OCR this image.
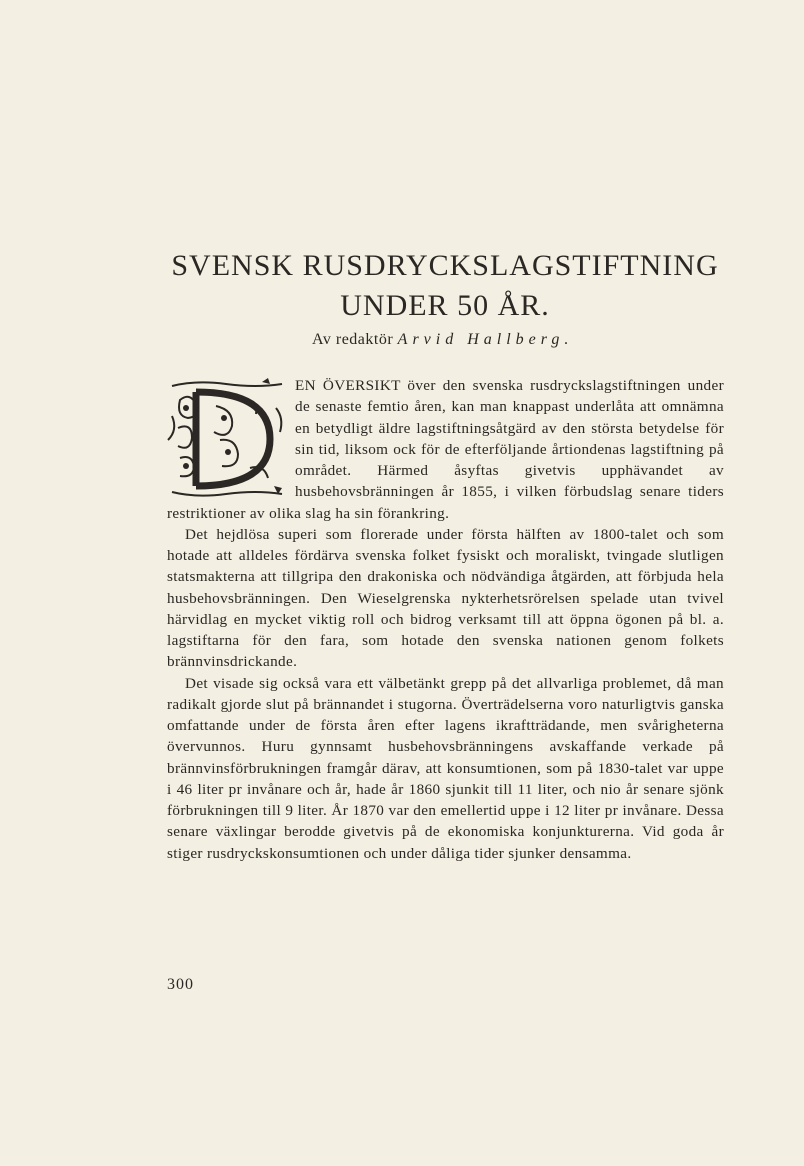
SVENSK RUSDRYCKSLAGSTIFTNING
UNDER 50 ÅR.
Av redaktör Arvid Hallberg.

EN ÖVERSIKT över den svenska rusdryckslagstiftningen under de senaste femtio åren, kan man knappast underlåta att omnämna en betydligt äldre lagstiftningsåtgärd av den största betydelse för sin tid, liksom ock för de efterföljande årtiondenas lagstiftning på området. Härmed åsyftas givetvis upphävandet av husbehovsbränningen år 1855, i vilken förbudslag senare tiders restriktioner av olika slag ha sin förankring.

Det hejdlösa superi som florerade under första hälften av 1800-talet och som hotade att alldeles fördärva svenska folket fysiskt och moraliskt, tvingade slutligen statsmakterna att tillgripa den drakoniska och nödvändiga åtgärden, att förbjuda hela husbehovsbränningen. Den Wieselgrenska nykterhetsrörelsen spelade utan tvivel härvidlag en mycket viktig roll och bidrog verksamt till att öppna ögonen på bl. a. lagstiftarna för den fara, som hotade den svenska nationen genom folkets brännvinsdrickande.

Det visade sig också vara ett välbetänkt grepp på det allvarliga problemet, då man radikalt gjorde slut på brännandet i stugorna. Överträdelserna voro naturligtvis ganska omfattande under de första åren efter lagens ikraftträdande, men svårigheterna övervunnos. Huru gynnsamt husbehovsbränningens avskaffande verkade på brännvinsförbrukningen framgår därav, att konsumtionen, som på 1830-talet var uppe i 46 liter pr invånare och år, hade år 1860 sjunkit till 11 liter, och nio år senare sjönk förbrukningen till 9 liter. År 1870 var den emellertid uppe i 12 liter pr invånare. Dessa senare växlingar berodde givetvis på de ekonomiska konjunkturerna. Vid goda år stiger rusdryckskonsumtionen och under dåliga tider sjunker densamma.

300
